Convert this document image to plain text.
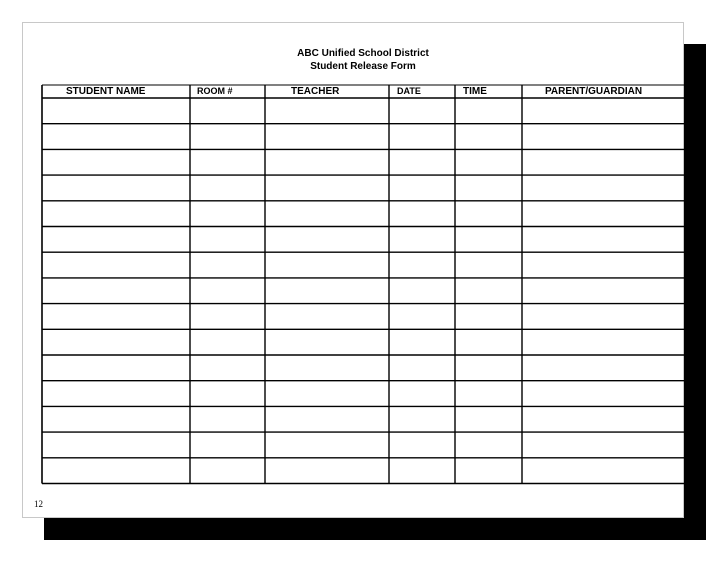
ABC Unified School District
Student Release Form
STUDENT NAME	ROOM #	TEACHER	DATE	TIME	PARENT/GUARDIAN
12
